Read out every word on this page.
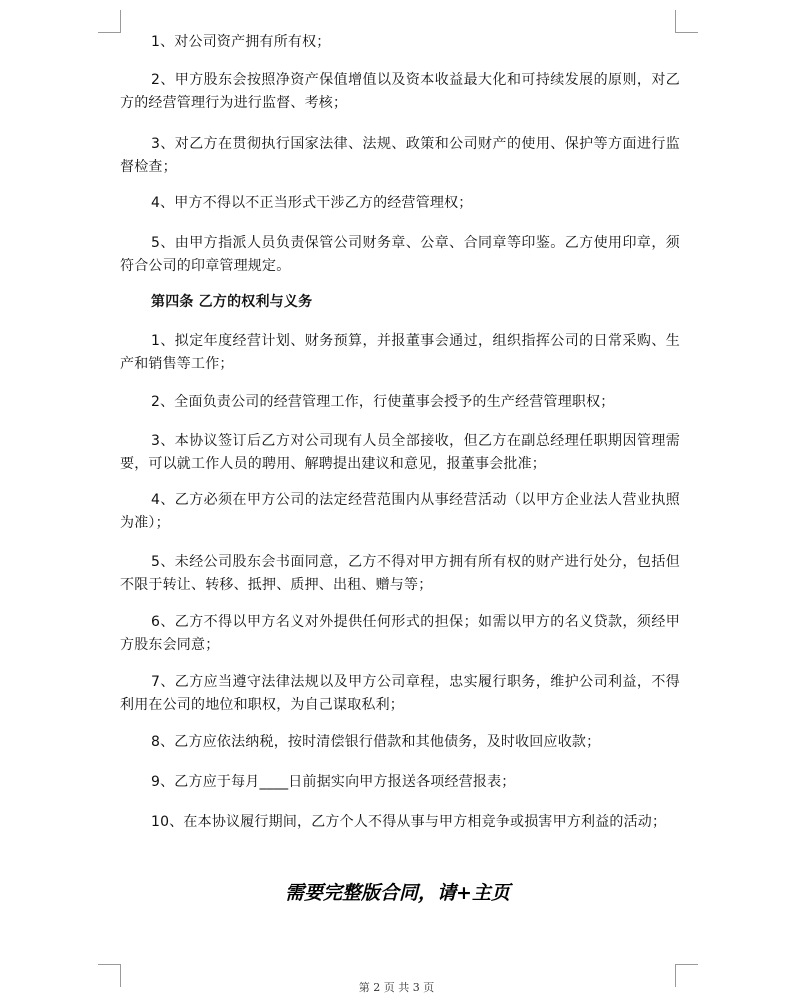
1、对公司资产拥有所有权；

2、甲方股东会按照净资产保值增值以及资本收益最大化和可持续发展的原则，对乙方的经营管理行为进行监督、考核；

3、对乙方在贯彻执行国家法律、法规、政策和公司财产的使用、保护等方面进行监督检查；

4、甲方不得以不正当形式干涉乙方的经营管理权；

5、由甲方指派人员负责保管公司财务章、公章、合同章等印鉴。乙方使用印章，须符合公司的印章管理规定。

第四条 乙方的权利与义务

1、拟定年度经营计划、财务预算，并报董事会通过，组织指挥公司的日常采购、生产和销售等工作；

2、全面负责公司的经营管理工作，行使董事会授予的生产经营管理职权；

3、本协议签订后乙方对公司现有人员全部接收，但乙方在副总经理任职期因管理需要，可以就工作人员的聘用、解聘提出建议和意见，报董事会批准；

4、乙方必须在甲方公司的法定经营范围内从事经营活动（以甲方企业法人营业执照为准）；

5、未经公司股东会书面同意，乙方不得对甲方拥有所有权的财产进行处分，包括但不限于转让、转移、抵押、质押、出租、赠与等；

6、乙方不得以甲方名义对外提供任何形式的担保；如需以甲方的名义贷款，须经甲方股东会同意；

7、乙方应当遵守法律法规以及甲方公司章程，忠实履行职务，维护公司利益，不得利用在公司的地位和职权，为自己谋取私利；

8、乙方应依法纳税，按时清偿银行借款和其他债务，及时收回应收款；

9、乙方应于每月____日前据实向甲方报送各项经营报表；

10、在本协议履行期间，乙方个人不得从事与甲方相竞争或损害甲方利益的活动；

需要完整版合同，请+主页

第 2 页 共 3 页
